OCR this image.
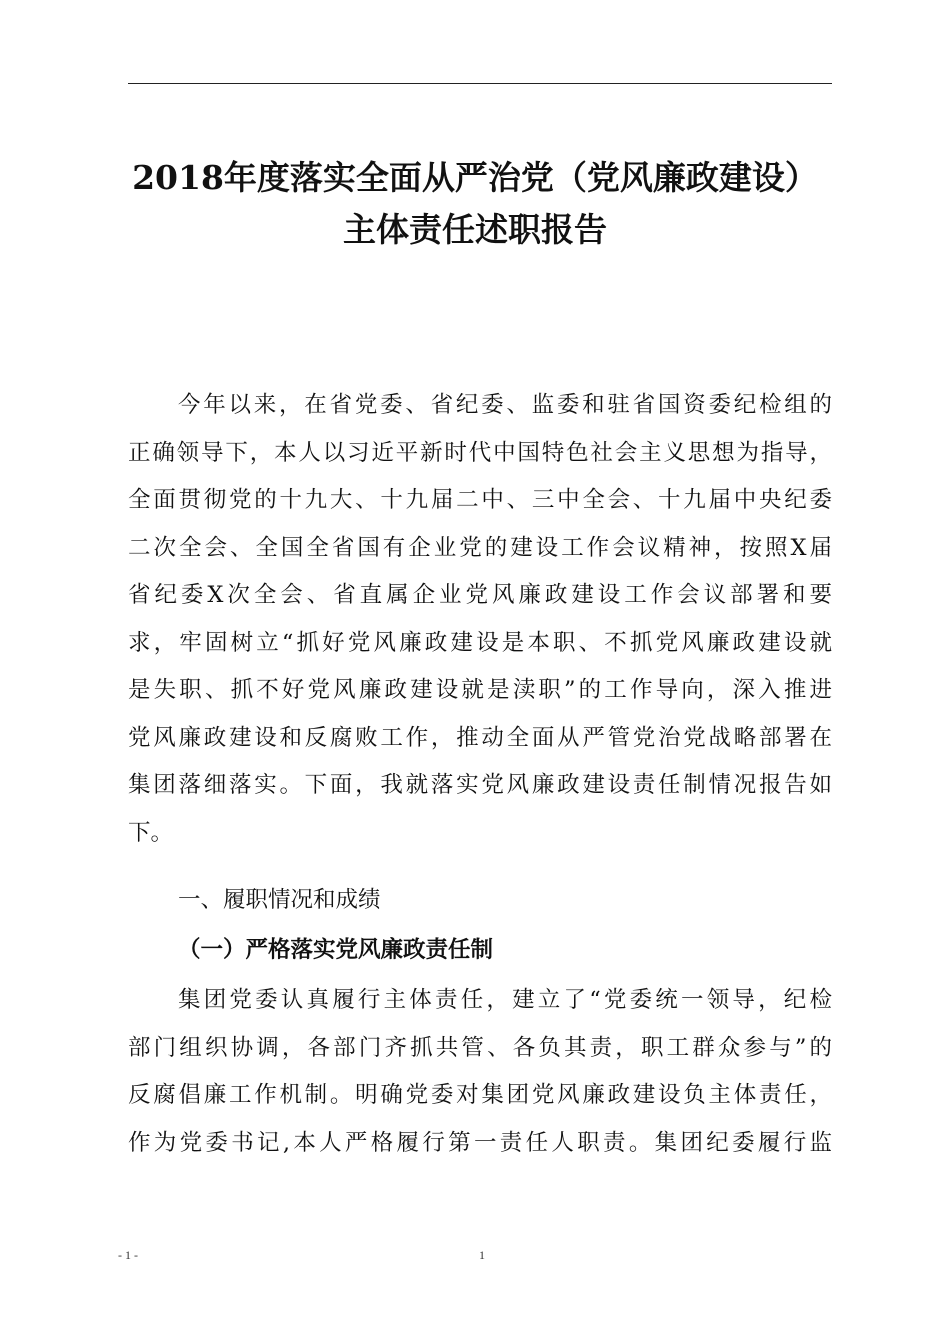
2018年度落实全面从严治党（党风廉政建设）
主体责任述职报告
今年以来，在省党委、省纪委、监委和驻省国资委纪检组的
正确领导下，本人以习近平新时代中国特色社会主义思想为指导，
全面贯彻党的十九大、十九届二中、三中全会、十九届中央纪委
二次全会、全国全省国有企业党的建设工作会议精神，按照X届
省纪委X次全会、省直属企业党风廉政建设工作会议部署和要
求，牢固树立“抓好党风廉政建设是本职、不抓党风廉政建设就
是失职、抓不好党风廉政建设就是渎职”的工作导向，深入推进
党风廉政建设和反腐败工作，推动全面从严管党治党战略部署在
集团落细落实。下面，我就落实党风廉政建设责任制情况报告如
下。
一、履职情况和成绩
（一）严格落实党风廉政责任制
集团党委认真履行主体责任，建立了“党委统一领导，纪检
部门组织协调，各部门齐抓共管、各负其责，职工群众参与”的
反腐倡廉工作机制。明确党委对集团党风廉政建设负主体责任，
作为党委书记,本人严格履行第一责任人职责。集团纪委履行监
- 1 -	1
